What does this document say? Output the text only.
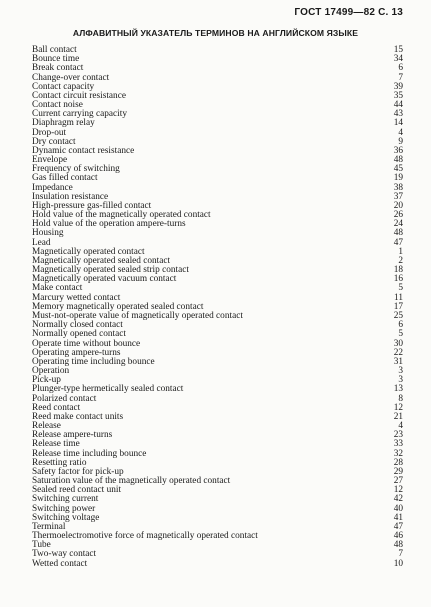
ГОСТ 17499—82 С. 13
АЛФАВИТНЫЙ УКАЗАТЕЛЬ ТЕРМИНОВ НА АНГЛИЙСКОМ ЯЗЫКЕ
Ball contact	15
Bounce time	34
Break contact	6
Change-over contact	7
Contact capacity	39
Contact circuit resistance	35
Contact noise	44
Current carrying capacity	43
Diaphragm relay	14
Drop-out	4
Dry contact	9
Dynamic contact resistance	36
Envelope	48
Frequency of switching	45
Gas filled contact	19
Impedance	38
Insulation resistance	37
High-pressure gas-filled contact	20
Hold value of the magnetically operated contact	26
Hold value of the operation ampere-turns	24
Housing	48
Lead	47
Magnetically operated contact	1
Magnetically operated sealed contact	2
Magnetically operated sealed strip contact	18
Magnetically operated vacuum contact	16
Make contact	5
Marcury wetted contact	11
Memory magnetically operated sealed contact	17
Must-not-operate value of magnetically operated contact	25
Normally closed contact	6
Normally opened contact	5
Operate time without bounce	30
Operating ampere-turns	22
Operating time including bounce	31
Operation	3
Pick-up	3
Plunger-type hermetically sealed contact	13
Polarized contact	8
Reed contact	12
Reed make contact units	21
Release	4
Release ampere-turns	23
Release time	33
Release time including bounce	32
Resetting ratio	28
Safety factor for pick-up	29
Saturation value of the magnetically operated contact	27
Sealed reed contact unit	12
Switching current	42
Switching power	40
Switching voltage	41
Terminal	47
Thermoelectromotive force of magnetically operated contact	46
Tube	48
Two-way contact	7
Wetted contact	10
